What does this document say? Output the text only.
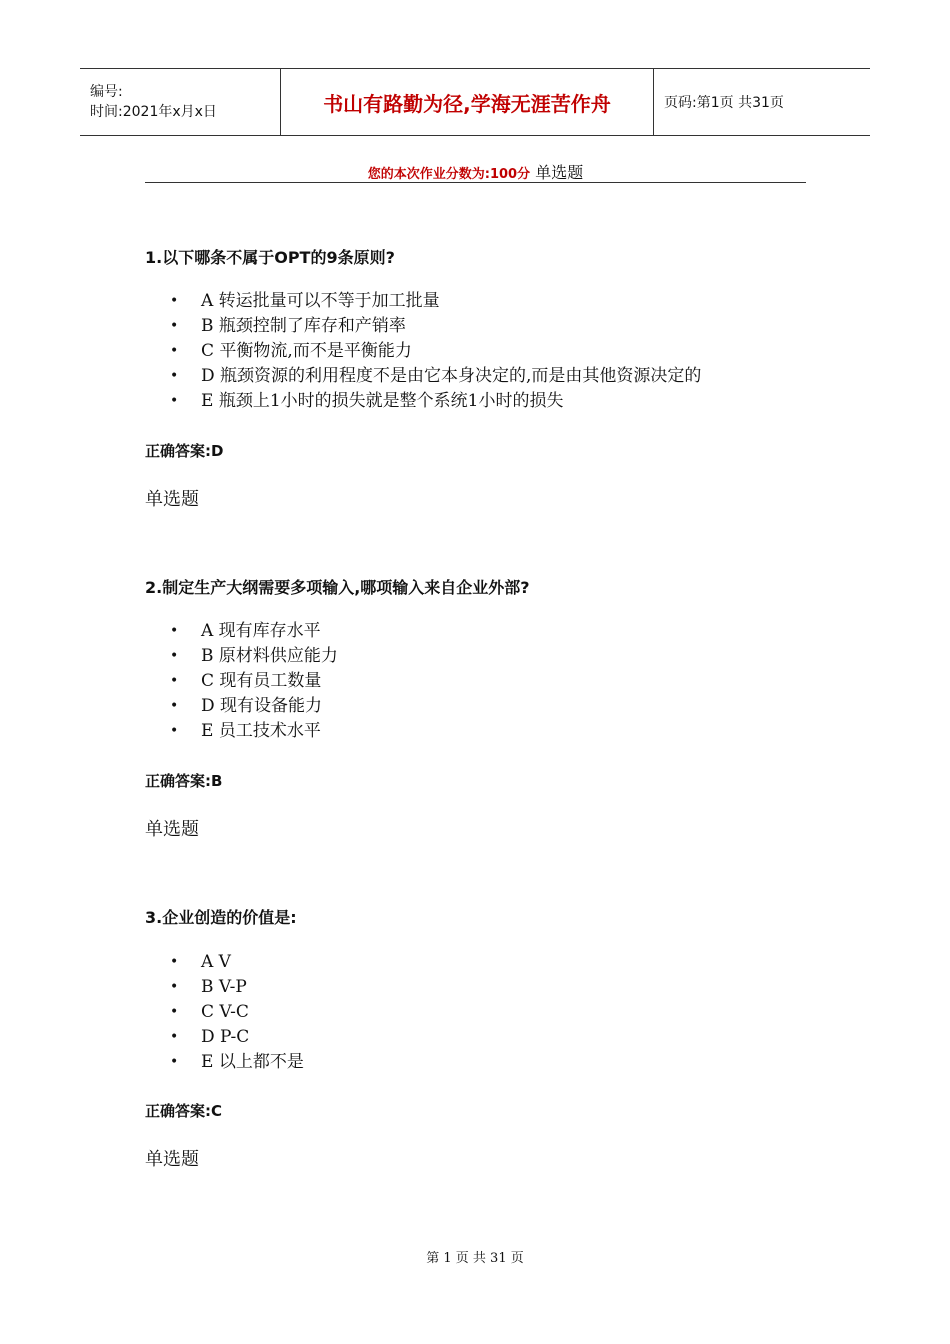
编号:
时间:2021年x月x日	书山有路勤为径,学海无涯苦作舟	页码:第1页 共31页
您的本次作业分数为:100分 单选题
1.以下哪条不属于OPT的9条原则?
•	A 转运批量可以不等于加工批量
•	B 瓶颈控制了库存和产销率
•	C 平衡物流,而不是平衡能力
•	D 瓶颈资源的利用程度不是由它本身决定的,而是由其他资源决定的
•	E 瓶颈上1小时的损失就是整个系统1小时的损失
正确答案:D
单选题
2.制定生产大纲需要多项输入,哪项输入来自企业外部?
•	A 现有库存水平
•	B 原材料供应能力
•	C 现有员工数量
•	D 现有设备能力
•	E 员工技术水平
正确答案:B
单选题
3.企业创造的价值是:
•	A V
•	B V-P
•	C V-C
•	D P-C
•	E 以上都不是
正确答案:C
单选题
第 1 页 共 31 页
